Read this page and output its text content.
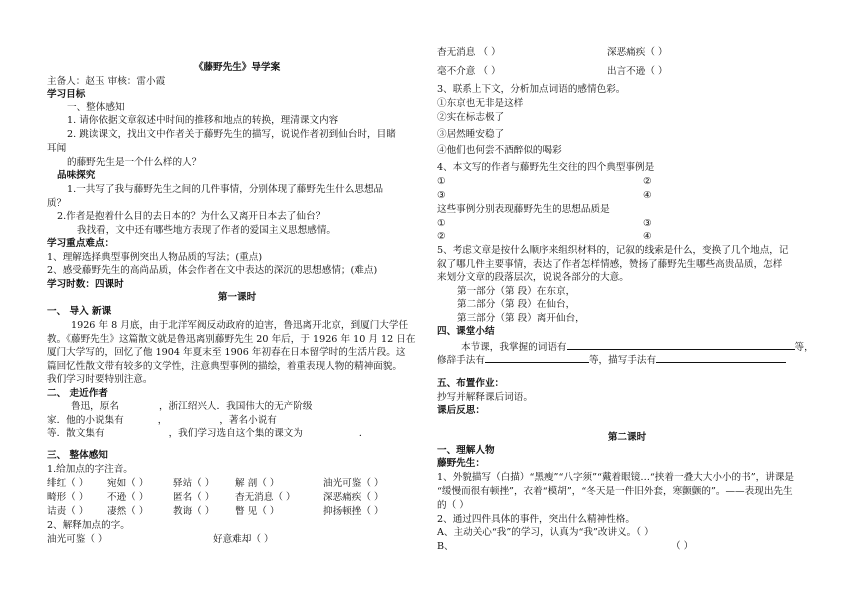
《藤野先生》导学案
主备人：赵玉 审核：雷小霞
学习目标
一、整体感知
1. 请你依据文章叙述中时间的推移和地点的转换，理清课文内容
2. 跳读课文，找出文中作者关于藤野先生的描写，说说作者初到仙台时，目睹
耳闻
的藤野先生是一个什么样的人？
品味探究
1.一共写了我与藤野先生之间的几件事情，分别体现了藤野先生什么思想品
质？
2.作者是抱着什么目的去日本的？为什么又离开日本去了仙台？
我找看，文中还有哪些地方表现了作者的爱国主义思想感情。
学习重点难点：
1、理解选择典型事例突出人物品质的写法；(重点)
2、感受藤野先生的高尚品质，体会作者在文中表达的深沉的思想感情；(难点)
学习时数：四课时
第一课时
一、 导入 新课
1926 年 8 月底，由于北洋军阀反动政府的迫害，鲁迅离开北京，到厦门大学任
教。《藤野先生》这篇散文就是鲁迅离别藤野先生 20 年后，于 1926 年 10 月 12 日在
厦门大学写的，回忆了他 1904 年夏末至 1906 年初春在日本留学时的生活片段。这
篇回忆性散文带有较多的文学性，注意典型事例的描绘，着重表现人物的精神面貌。
我们学习时要特别注意。
二、 走近作者
鲁迅，原名	，浙江绍兴人．我国伟大的无产阶级
家．他的小说集有	，	，著名小说有
等．散文集有	，我们学习选自这个集的课文为	．
三、 整体感知
1.给加点的字注音。
绯红（ ） 宛如（ ）	驿站（ ） 解 剖（ ）	油光可鉴（ ）
畸形（ ） 不逊（ ）	匿名（ ） 杳无消息（ ）	深恶痛疾（ ）
诘责（ ） 凄然（ ）	教诲（ ） 瞥 见（ ）	抑扬顿挫（ ）
2、解释加点的字。
油光可鉴（ ）	好意难却（ ）
杳无消息 （ ）	深恶痛疾（ ）
毫不介意 （ ）	出言不逊（ ）
3、联系上下文，分析加点词语的感情色彩。
①东京也无非是这样
②实在标志极了
③居然睡安稳了
④他们也何尝不酒醉似的喝彩
4、本文写的作者与藤野先生交往的四个典型事例是
①	②
③	④
这些事例分别表现藤野先生的思想品质是
①	③
②	④
5、考虑文章是按什么顺序来组织材料的，记叙的线索是什么，变换了几个地点，记
叙了哪几件主要事情，表达了作者怎样情感，赞扬了藤野先生哪些高贵品质，怎样
来划分文章的段落层次，说说各部分的大意。
第一部分（第 段）在东京，
第二部分（第 段）在仙台，
第三部分（第 段）离开仙台，
四、课堂小结
本节课，我掌握的词语有	等，
修辞手法有	等，描写手法有
五、布置作业：
抄写并解释课后词语。
课后反思：
第二课时
一、理解人物
藤野先生：
1、外貌描写（白描）“黑瘦”“八字须”“戴着眼镜…“挟着一叠大大小小的书”，讲课是
“缓慢而很有顿挫”，衣着“模胡”，“冬天是一件旧外套，寒颤颤的”。——表现出先生
的（ ）
2、通过四件具体的事件，突出什么精神性格。
A、主动关心“我”的学习，认真为“我”改讲义。（ ）
B、	（ ）
